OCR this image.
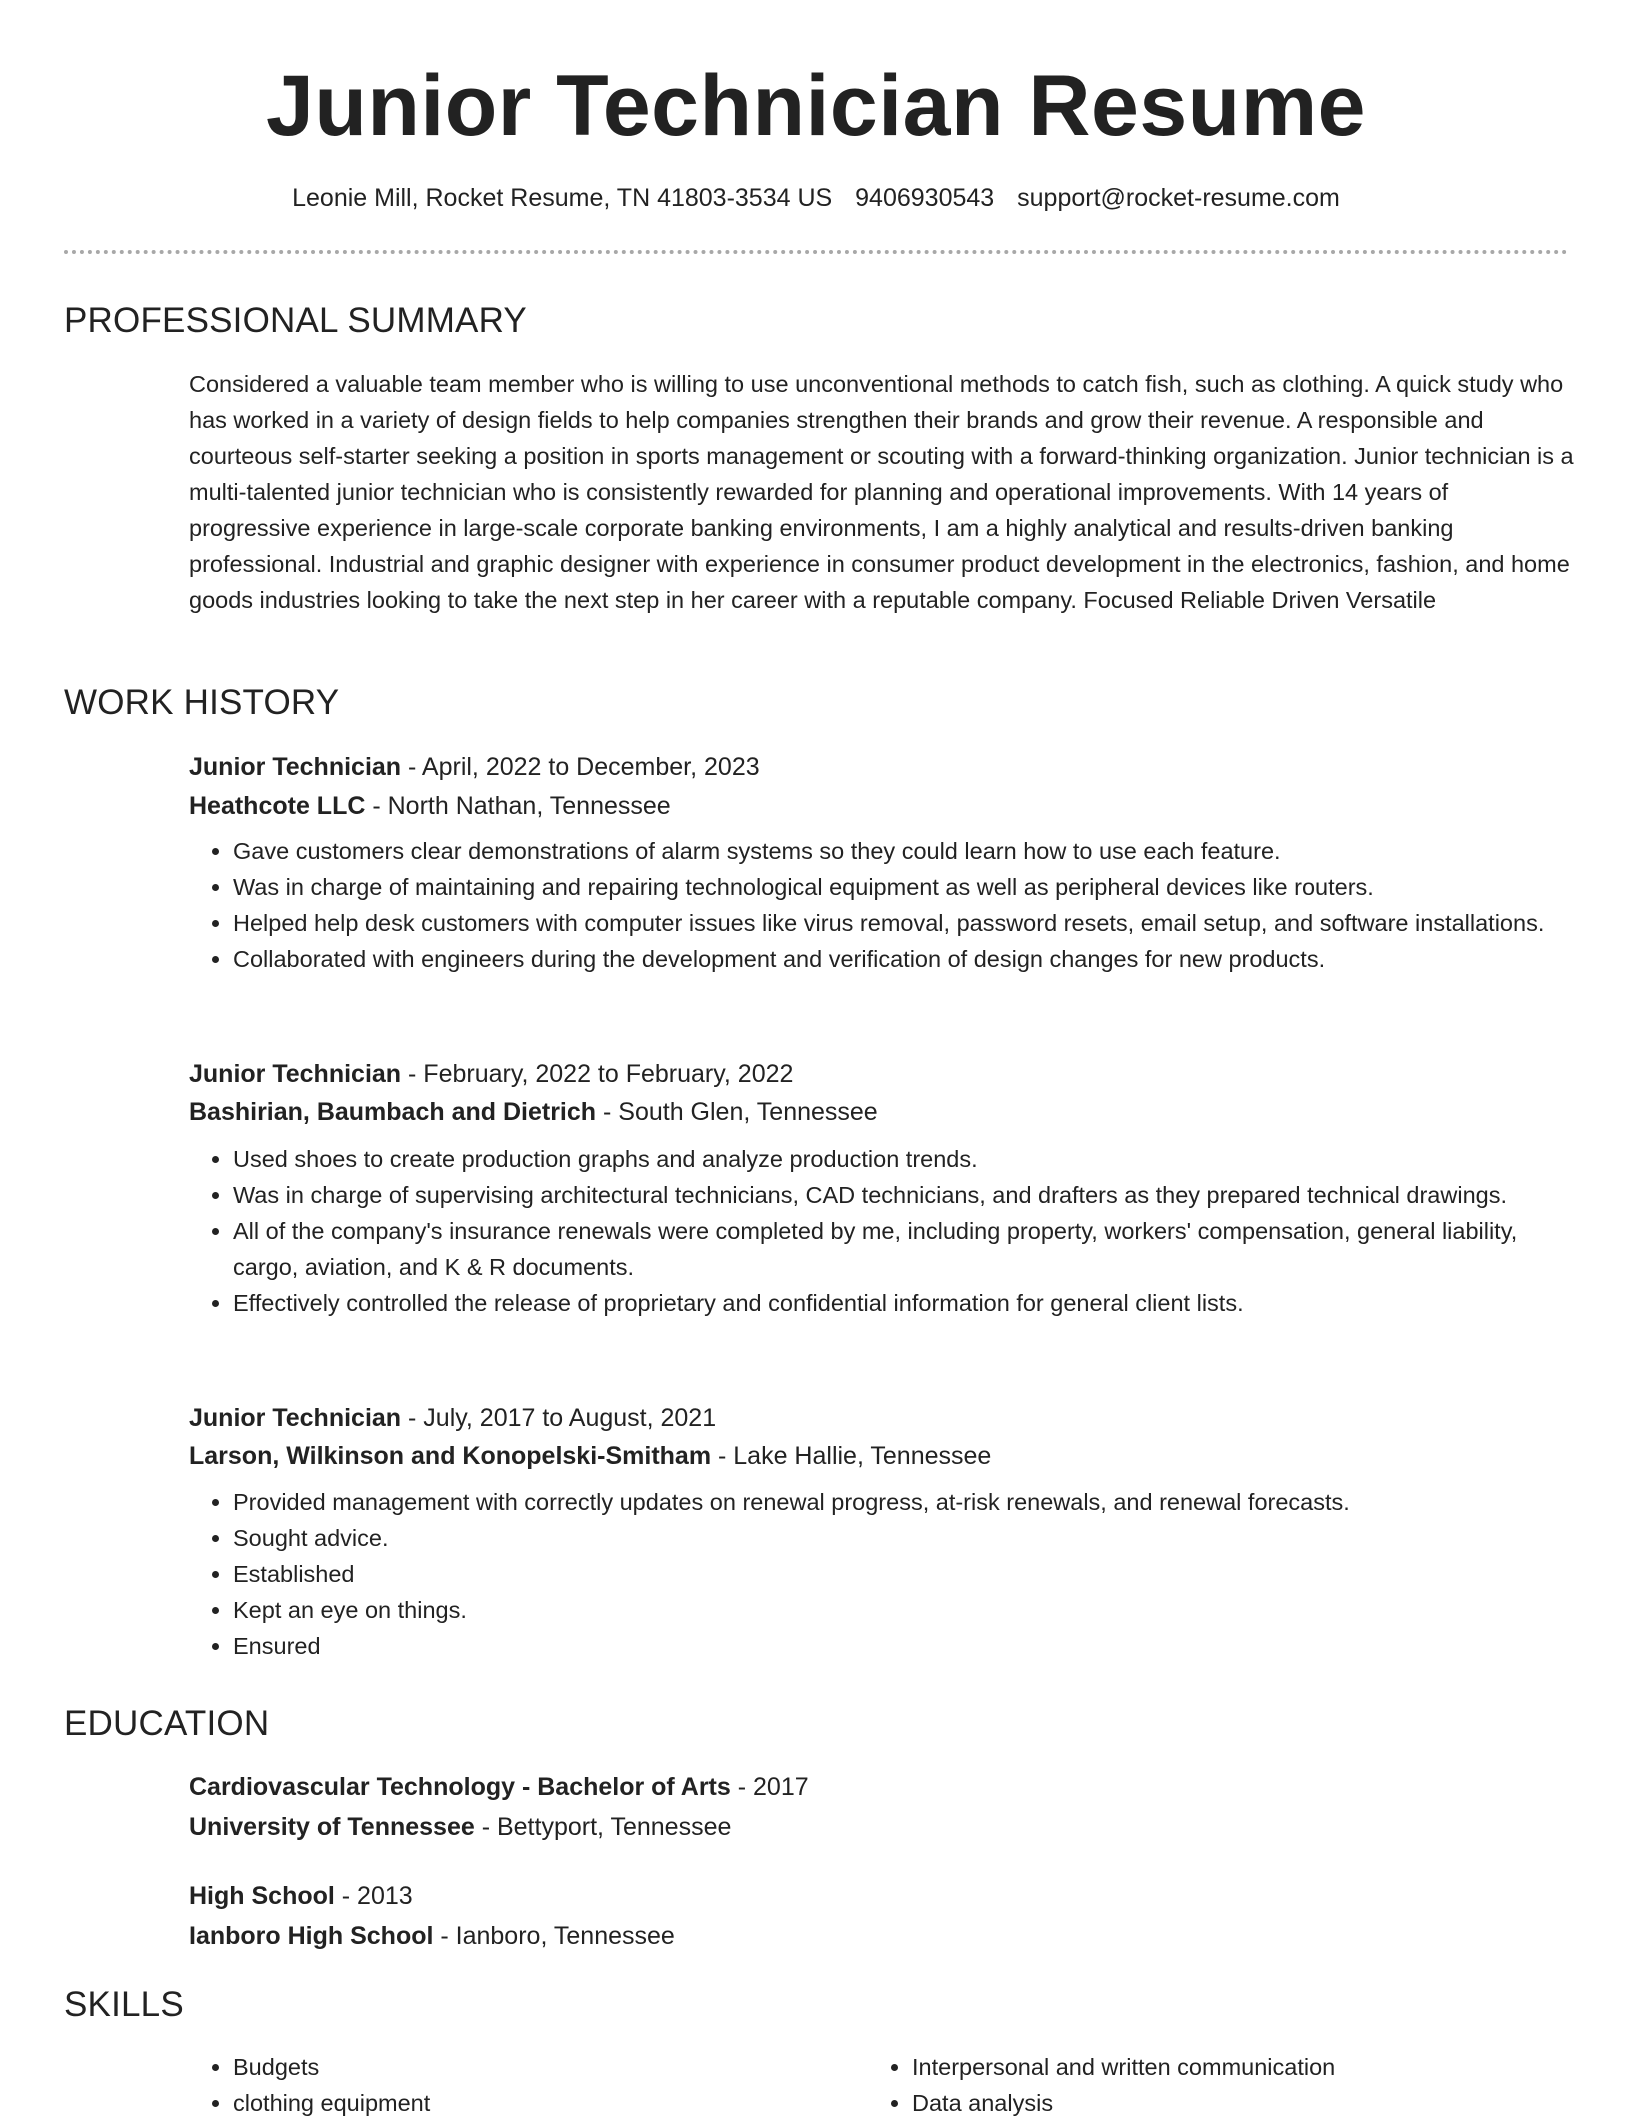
Junior Technician Resume
Leonie Mill, Rocket Resume, TN 41803-3534 US 9406930543 support@rocket-resume.com
PROFESSIONAL SUMMARY

Considered a valuable team member who is willing to use unconventional methods to catch fish, such as clothing. A quick study who has worked in a variety of design fields to help companies strengthen their brands and grow their revenue. A responsible and courteous self-starter seeking a position in sports management or scouting with a forward-thinking organization. Junior technician is a multi-talented junior technician who is consistently rewarded for planning and operational improvements. With 14 years of progressive experience in large-scale corporate banking environments, I am a highly analytical and results-driven banking professional. Industrial and graphic designer with experience in consumer product development in the electronics, fashion, and home goods industries looking to take the next step in her career with a reputable company. Focused Reliable Driven Versatile

WORK HISTORY
Junior Technician - April, 2022 to December, 2023
Heathcote LLC - North Nathan, Tennessee
• Gave customers clear demonstrations of alarm systems so they could learn how to use each feature.
• Was in charge of maintaining and repairing technological equipment as well as peripheral devices like routers.
• Helped help desk customers with computer issues like virus removal, password resets, email setup, and software installations.
• Collaborated with engineers during the development and verification of design changes for new products.
Junior Technician - February, 2022 to February, 2022
Bashirian, Baumbach and Dietrich - South Glen, Tennessee
• Used shoes to create production graphs and analyze production trends.
• Was in charge of supervising architectural technicians, CAD technicians, and drafters as they prepared technical drawings.
• All of the company's insurance renewals were completed by me, including property, workers' compensation, general liability, cargo, aviation, and K & R documents.
• Effectively controlled the release of proprietary and confidential information for general client lists.
Junior Technician - July, 2017 to August, 2021
Larson, Wilkinson and Konopelski-Smitham - Lake Hallie, Tennessee
• Provided management with correctly updates on renewal progress, at-risk renewals, and renewal forecasts.
• Sought advice.
• Established
• Kept an eye on things.
• Ensured
EDUCATION
Cardiovascular Technology - Bachelor of Arts - 2017
University of Tennessee - Bettyport, Tennessee
High School - 2013
Ianboro High School - Ianboro, Tennessee
SKILLS
• Budgets
• clothing equipment
• Interpersonal and written communication
• Data analysis
